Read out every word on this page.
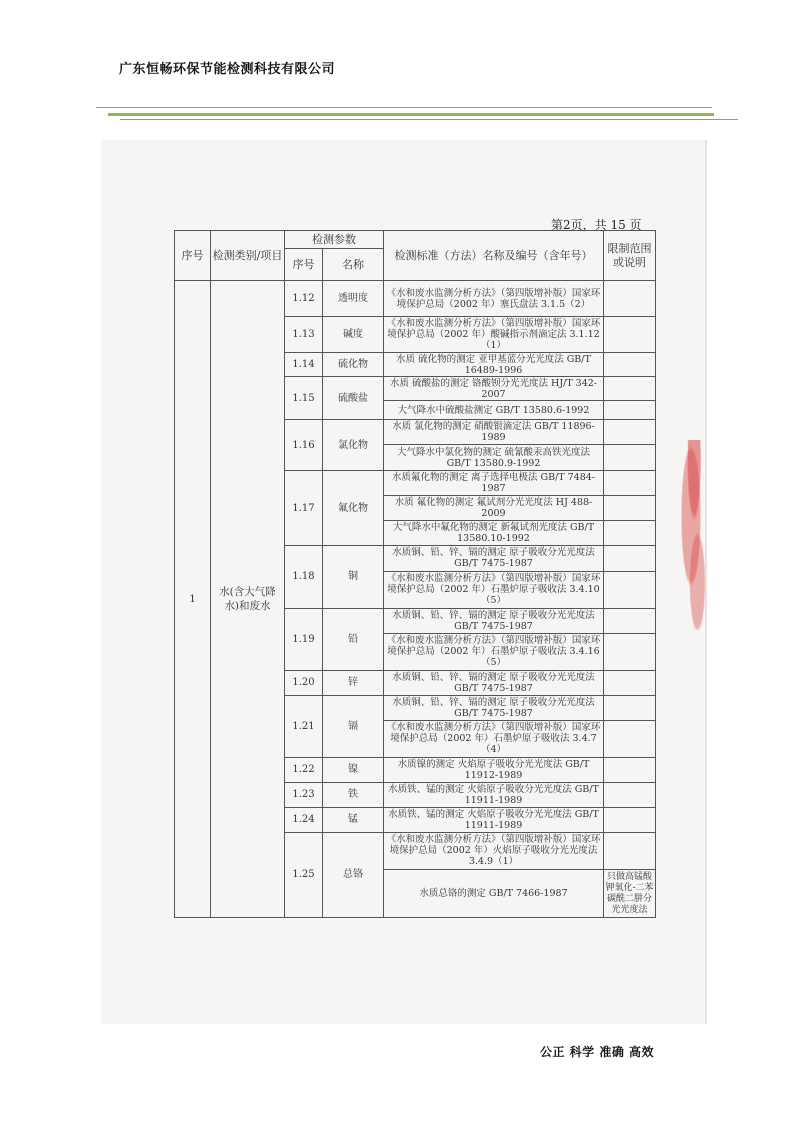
广东恒畅环保节能检测科技有限公司
第2页，共 15 页
序号	检测类别/项目	检测参数		检测标准（方法）名称及编号（含年号）	限制范围或说明
		序号	名称		
1	水(含大气降水)和废水	1.12	透明度	《水和废水监测分析方法》（第四版增补版）国家环境保护总局（2002 年）塞氏盘法 3.1.5（2）	
		1.13	碱度	《水和废水监测分析方法》（第四版增补版）国家环境保护总局（2002 年）酸碱指示剂滴定法 3.1.12（1）	
		1.14	硫化物	水质 硫化物的测定 亚甲基蓝分光光度法 GB/T 16489-1996	
		1.15	硫酸盐	水质 硫酸盐的测定 铬酸钡分光光度法 HJ/T 342-2007	
				大气降水中硫酸盐测定 GB/T 13580.6-1992	
		1.16	氯化物	水质 氯化物的测定 硝酸银滴定法 GB/T 11896-1989	
				大气降水中氯化物的测定 硫氰酸汞高铁光度法 GB/T 13580.9-1992	
		1.17	氟化物	水质氟化物的测定 离子选择电极法 GB/T 7484-1987	
				水质 氟化物的测定 氟试剂分光光度法 HJ 488-2009	
				大气降水中氟化物的测定 新氟试剂光度法 GB/T 13580.10-1992	
		1.18	铜	水质铜、铅、锌、镉的测定 原子吸收分光光度法 GB/T 7475-1987	
				《水和废水监测分析方法》（第四版增补版）国家环境保护总局（2002 年）石墨炉原子吸收法 3.4.10（5）	
		1.19	铅	水质铜、铅、锌、镉的测定 原子吸收分光光度法 GB/T 7475-1987	
				《水和废水监测分析方法》（第四版增补版）国家环境保护总局（2002 年）石墨炉原子吸收法 3.4.16（5）	
		1.20	锌	水质铜、铅、锌、镉的测定 原子吸收分光光度法 GB/T 7475-1987	
		1.21	镉	水质铜、铅、锌、镉的测定 原子吸收分光光度法 GB/T 7475-1987	
				《水和废水监测分析方法》（第四版增补版）国家环境保护总局（2002 年）石墨炉原子吸收法 3.4.7（4）	
		1.22	镍	水质镍的测定 火焰原子吸收分光光度法 GB/T 11912-1989	
		1.23	铁	水质铁、锰的测定 火焰原子吸收分光光度法 GB/T 11911-1989	
		1.24	锰	水质铁、锰的测定 火焰原子吸收分光光度法 GB/T 11911-1989	
		1.25	总铬	《水和废水监测分析方法》（第四版增补版）国家环境保护总局（2002 年）火焰原子吸收分光光度法 3.4.9（1）	
				水质总铬的测定 GB/T 7466-1987	只做高锰酸钾氧化-二苯碳酰二肼分光光度法
公正 科学 准确 高效
